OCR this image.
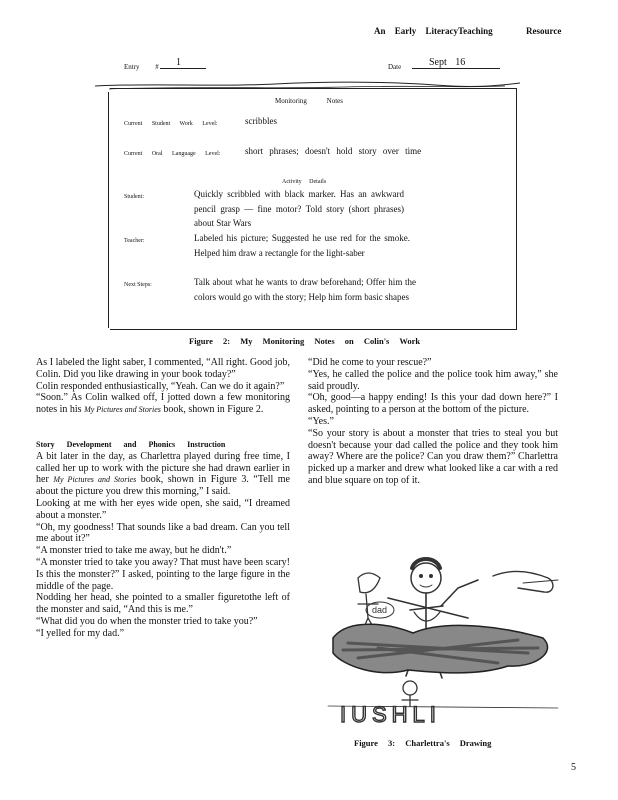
An Early LiteracyTeaching	Resource
Entry # 1	Date	Sept 16
Monitoring Notes
Current Student Work Level:	scribbles
Current Oral Language Level:	short phrases; doesn't hold story over time
Activity Details
Student:	Quickly scribbled with black marker. Has an awkward pencil grasp — fine motor? Told story (short phrases) about Star Wars
Teacher:	Labeled his picture; Suggested he use red for the smoke. Helped him draw a rectangle for the light-saber
Next Steps:	Talk about what he wants to draw beforehand; Offer him the colors would go with the story; Help him form basic shapes
Figure 2: My Monitoring Notes on Colin's Work

As I labeled the light saber, I commented, “All right. Good job, Colin. Did you like drawing in your book today?”

Colin responded enthusiastically, “Yeah. Can we do it again?”

“Soon.” As Colin walked off, I jotted down a few monitoring notes in his My Pictures and Stories book, shown in Figure 2.

Story Development and Phonics Instruction

A bit later in the day, as Charlettra played during free time, I called her up to work with the picture she had drawn earlier in her My Pictures and Stories book, shown in Figure 3. “Tell me about the picture you drew this morning,” I said.

Looking at me with her eyes wide open, she said, “I dreamed about a monster.”

“Oh, my goodness! That sounds like a bad dream. Can you tell me about it?”

“A monster tried to take me away, but he didn't.”

“A monster tried to take you away? That must have been scary! Is this the monster?” I asked, pointing to the large figure in the middle of the page.

Nodding her head, she pointed to a smaller figuretothe left of the monster and said, “And this is me.”

“What did you do when the monster tried to take you?”

“I yelled for my dad.”

“Did he come to your rescue?”

“Yes, he called the police and the police took him away,” she said proudly.

“Oh, good—a happy ending! Is this your dad down here?” I asked, pointing to a person at the bottom of the picture.

“Yes.”

“So your story is about a monster that tries to steal you but doesn't because your dad called the police and they took him away? Where are the police? Can you draw them?” Charlettra picked up a marker and drew what looked like a car with a red and blue square on top of it.

dad
IUSHLI
Figure 3: Charlettra's Drawing
5
